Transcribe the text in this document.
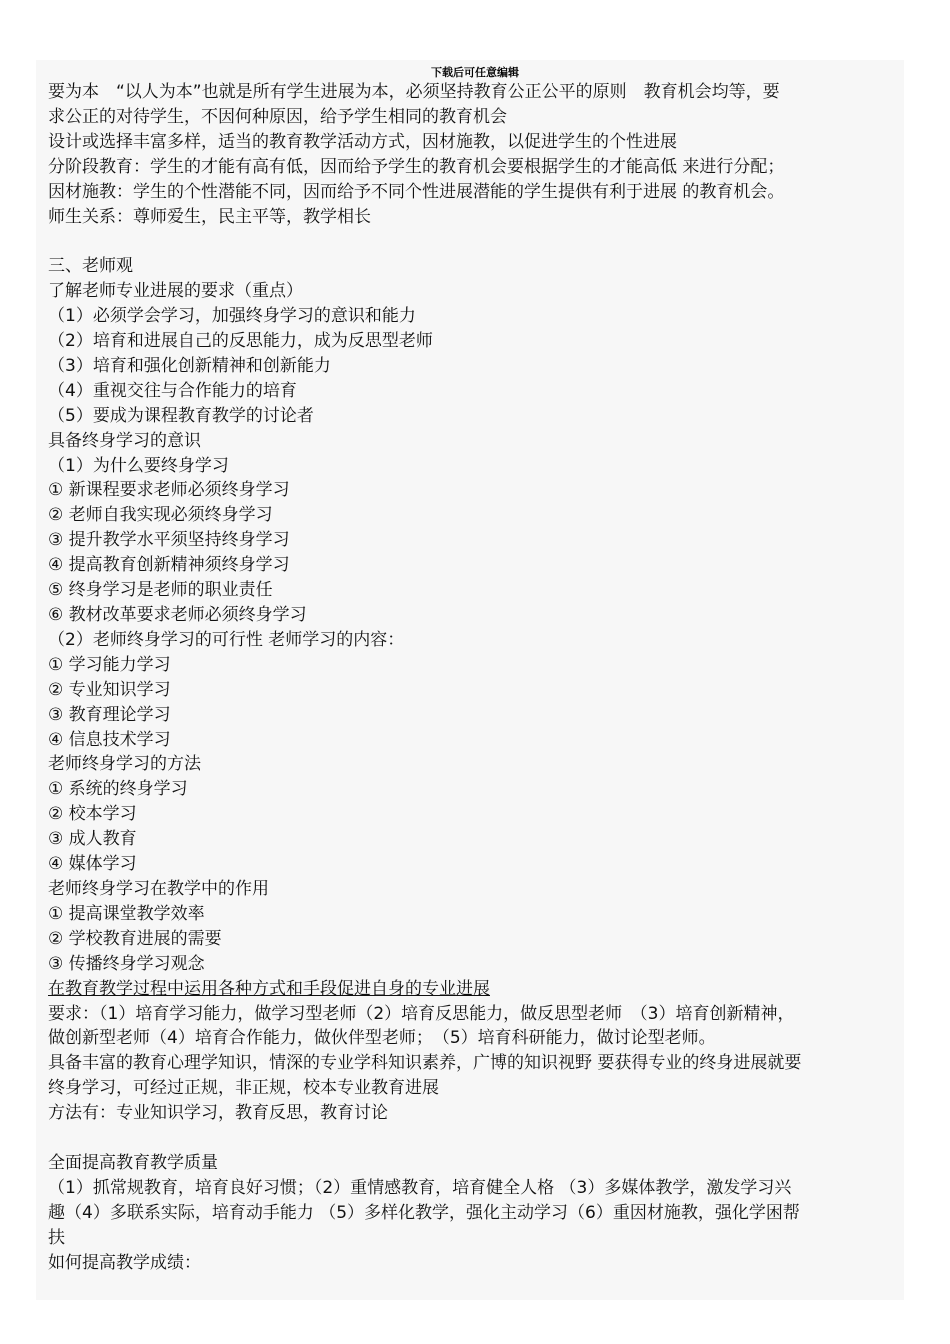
下载后可任意编辑

要为本　“以人为本”也就是所有学生进展为本，必须坚持教育公正公平的原则　教育机会均等，要

求公正的对待学生，不因何种原因，给予学生相同的教育机会

设计或选择丰富多样，适当的教育教学活动方式，因材施教，以促进学生的个性进展

分阶段教育：学生的才能有高有低，因而给予学生的教育机会要根据学生的才能高低 来进行分配；

因材施教：学生的个性潜能不同，因而给予不同个性进展潜能的学生提供有利于进展 的教育机会。

师生关系：尊师爱生，民主平等，教学相长

三、老师观

了解老师专业进展的要求（重点）

（1）必须学会学习，加强终身学习的意识和能力

（2）培育和进展自己的反思能力，成为反思型老师

（3）培育和强化创新精神和创新能力

（4）重视交往与合作能力的培育

（5）要成为课程教育教学的讨论者

具备终身学习的意识

（1）为什么要终身学习

① 新课程要求老师必须终身学习

② 老师自我实现必须终身学习

③ 提升教学水平须坚持终身学习

④ 提高教育创新精神须终身学习

⑤ 终身学习是老师的职业责任

⑥ 教材改革要求老师必须终身学习

（2）老师终身学习的可行性 老师学习的内容：

① 学习能力学习

② 专业知识学习

③ 教育理论学习

④ 信息技术学习

老师终身学习的方法

① 系统的终身学习

② 校本学习

③ 成人教育

④ 媒体学习

老师终身学习在教学中的作用

① 提高课堂教学效率

② 学校教育进展的需要

③ 传播终身学习观念

在教育教学过程中运用各种方式和手段促进自身的专业进展

要求：（1）培育学习能力，做学习型老师（2）培育反思能力，做反思型老师　（3）培育创新精神，

做创新型老师（4）培育合作能力，做伙伴型老师；　（5）培育科研能力，做讨论型老师。

具备丰富的教育心理学知识，情深的专业学科知识素养，广博的知识视野 要获得专业的终身进展就要

终身学习，可经过正规，非正规，校本专业教育进展

方法有：专业知识学习，教育反思，教育讨论

全面提高教育教学质量

（1）抓常规教育，培育良好习惯；（2）重情感教育，培育健全人格 （3）多媒体教学，激发学习兴

趣（4）多联系实际，培育动手能力 （5）多样化教学，强化主动学习（6）重因材施教，强化学困帮

扶

如何提高教学成绩：
